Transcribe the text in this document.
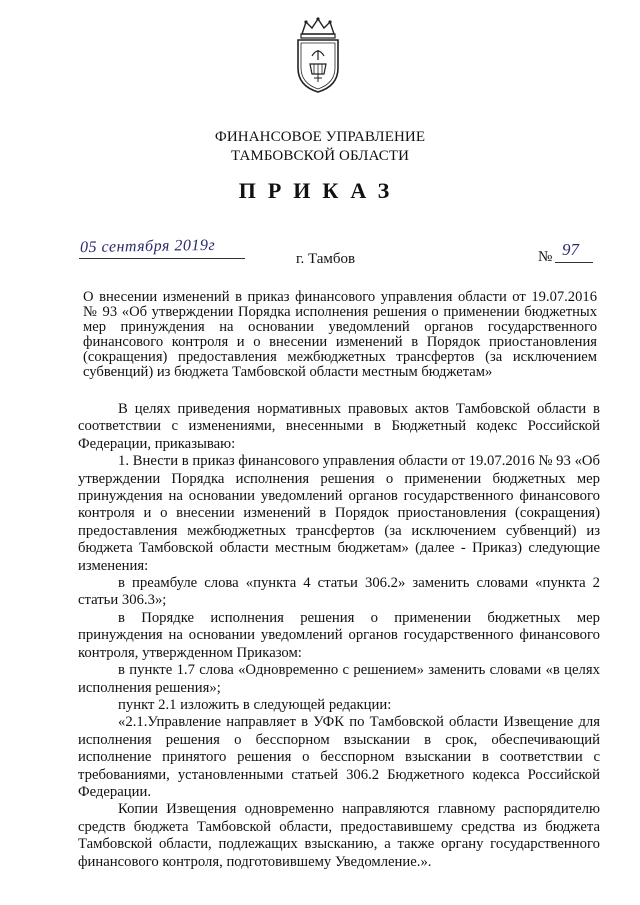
ФИНАНСОВОЕ УПРАВЛЕНИЕ
ТАМБОВСКОЙ ОБЛАСТИ
ПРИКАЗ
05 сентября 2019г
г. Тамбов	№ 97
О внесении изменений в приказ финансового управления области от 19.07.2016 № 93 «Об утверждении Порядка исполнения решения о применении бюджетных мер принуждения на основании уведомлений органов государственного финансового контроля и о внесении изменений в Порядок приостановления (сокращения) предоставления межбюджетных трансфертов (за исключением субвенций) из бюджета Тамбовской области местным бюджетам»

В целях приведения нормативных правовых актов Тамбовской области в соответствии с изменениями, внесенными в Бюджетный кодекс Российской Федерации, приказываю:

1. Внести в приказ финансового управления области от 19.07.2016 № 93 «Об утверждении Порядка исполнения решения о применении бюджетных мер принуждения на основании уведомлений органов государственного финансового контроля и о внесении изменений в Порядок приостановления (сокращения) предоставления межбюджетных трансфертов (за исключением субвенций) из бюджета Тамбовской области местным бюджетам» (далее - Приказ) следующие изменения:

в преамбуле слова «пункта 4 статьи 306.2» заменить словами «пункта 2 статьи 306.3»;

в Порядке исполнения решения о применении бюджетных мер принуждения на основании уведомлений органов государственного финансового контроля, утвержденном Приказом:

в пункте 1.7 слова «Одновременно с решением» заменить словами «в целях исполнения решения»;

пункт 2.1 изложить в следующей редакции:

«2.1.Управление направляет в УФК по Тамбовской области Извещение для исполнения решения о бесспорном взыскании в срок, обеспечивающий исполнение принятого решения о бесспорном взыскании в соответствии с требованиями, установленными статьей 306.2 Бюджетного кодекса Российской Федерации.

Копии Извещения одновременно направляются главному распорядителю средств бюджета Тамбовской области, предоставившему средства из бюджета Тамбовской области, подлежащих взысканию, а также органу государственного финансового контроля, подготовившему Уведомление.».
